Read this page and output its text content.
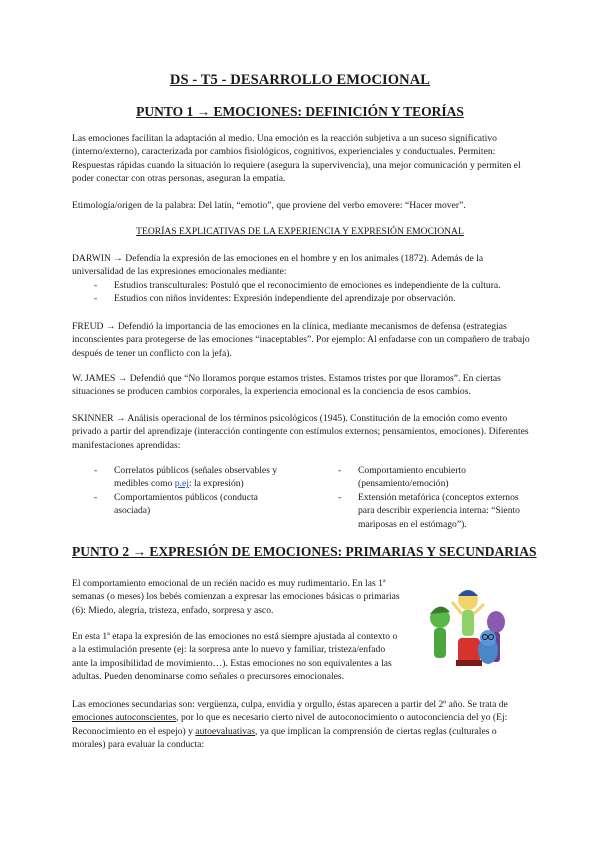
DS - T5 - DESARROLLO EMOCIONAL
PUNTO 1 → EMOCIONES: DEFINICIÓN Y TEORÍAS
Las emociones facilitan la adaptación al medio. Una emoción es la reacción subjetiva a un suceso significativo (interno/externo), caracterizada por cambios fisiológicos, cognitivos, experienciales y conductuales. Permiten: Respuestas rápidas cuando la situación lo requiere (asegura la supervivencia), una mejor comunicación y permiten el poder conectar con otras personas, aseguran la empatía.
Etimología/origen de la palabra: Del latín, “emotio”, que proviene del verbo emovere: “Hacer mover”.
TEORÍAS EXPLICATIVAS DE LA EXPERIENCIA Y EXPRESIÓN EMOCIONAL
DARWIN → Defendía la expresión de las emociones en el hombre y en los animales (1872). Además de la universalidad de las expresiones emocionales mediante:
- Estudios transculturales: Postuló que el reconocimiento de emociones es independiente de la cultura.
- Estudios con niños invidentes: Expresión independiente del aprendizaje por observación.
FREUD → Defendió la importancia de las emociones en la clínica, mediante mecanismos de defensa (estrategias inconscientes para protegerse de las emociones “inaceptables”. Por ejemplo: Al enfadarse con un compañero de trabajo después de tener un conflicto con la jefa).
W. JAMES → Defendió que “No lloramos porque estamos tristes. Estamos tristes por que lloramos”. En ciertas situaciones se producen cambios corporales, la experiencia emocional es la conciencia de esos cambios.
SKINNER → Análisis operacional de los términos psicológicos (1945). Constitución de la emoción como evento privado a partir del aprendizaje (interacción contingente con estímulos externos; pensamientos, emociones). Diferentes manifestaciones aprendidas:
- Correlatos públicos (señales observables y medibles como p.ej: la expresión)
- Comportamientos públicos (conducta asociada)
- Comportamiento encubierto (pensamiento/emoción)
- Extensión metafórica (conceptos externos para describir experiencia interna: “Siento mariposas en el estómago”).
PUNTO 2 → EXPRESIÓN DE EMOCIONES: PRIMARIAS Y SECUNDARIAS
El comportamiento emocional de un recién nacido es muy rudimentario. En las 1ª semanas (o meses) los bebés comienzan a expresar las emociones básicas o primarias (6): Miedo, alegría, tristeza, enfado, sorpresa y asco.
En esta 1ª etapa la expresión de las emociones no está siempre ajustada al contexto o a la estimulación presente (ej: la sorpresa ante lo nuevo y familiar, tristeza/enfado ante la imposibilidad de movimiento…). Estas emociones no son equivalentes a las adultas. Pueden denominarse como señales o precursores emocionales.
Las emociones secundarias son: vergüenza, culpa, envidia y orgullo, éstas aparecen a partir del 2º año. Se trata de emociones autoconscientes, por lo que es necesario cierto nivel de autoconocimiento o autoconciencia del yo (Ej: Reconocimiento en el espejo) y autoevaluativas, ya que implican la comprensión de ciertas reglas (culturales o morales) para evaluar la conducta:
